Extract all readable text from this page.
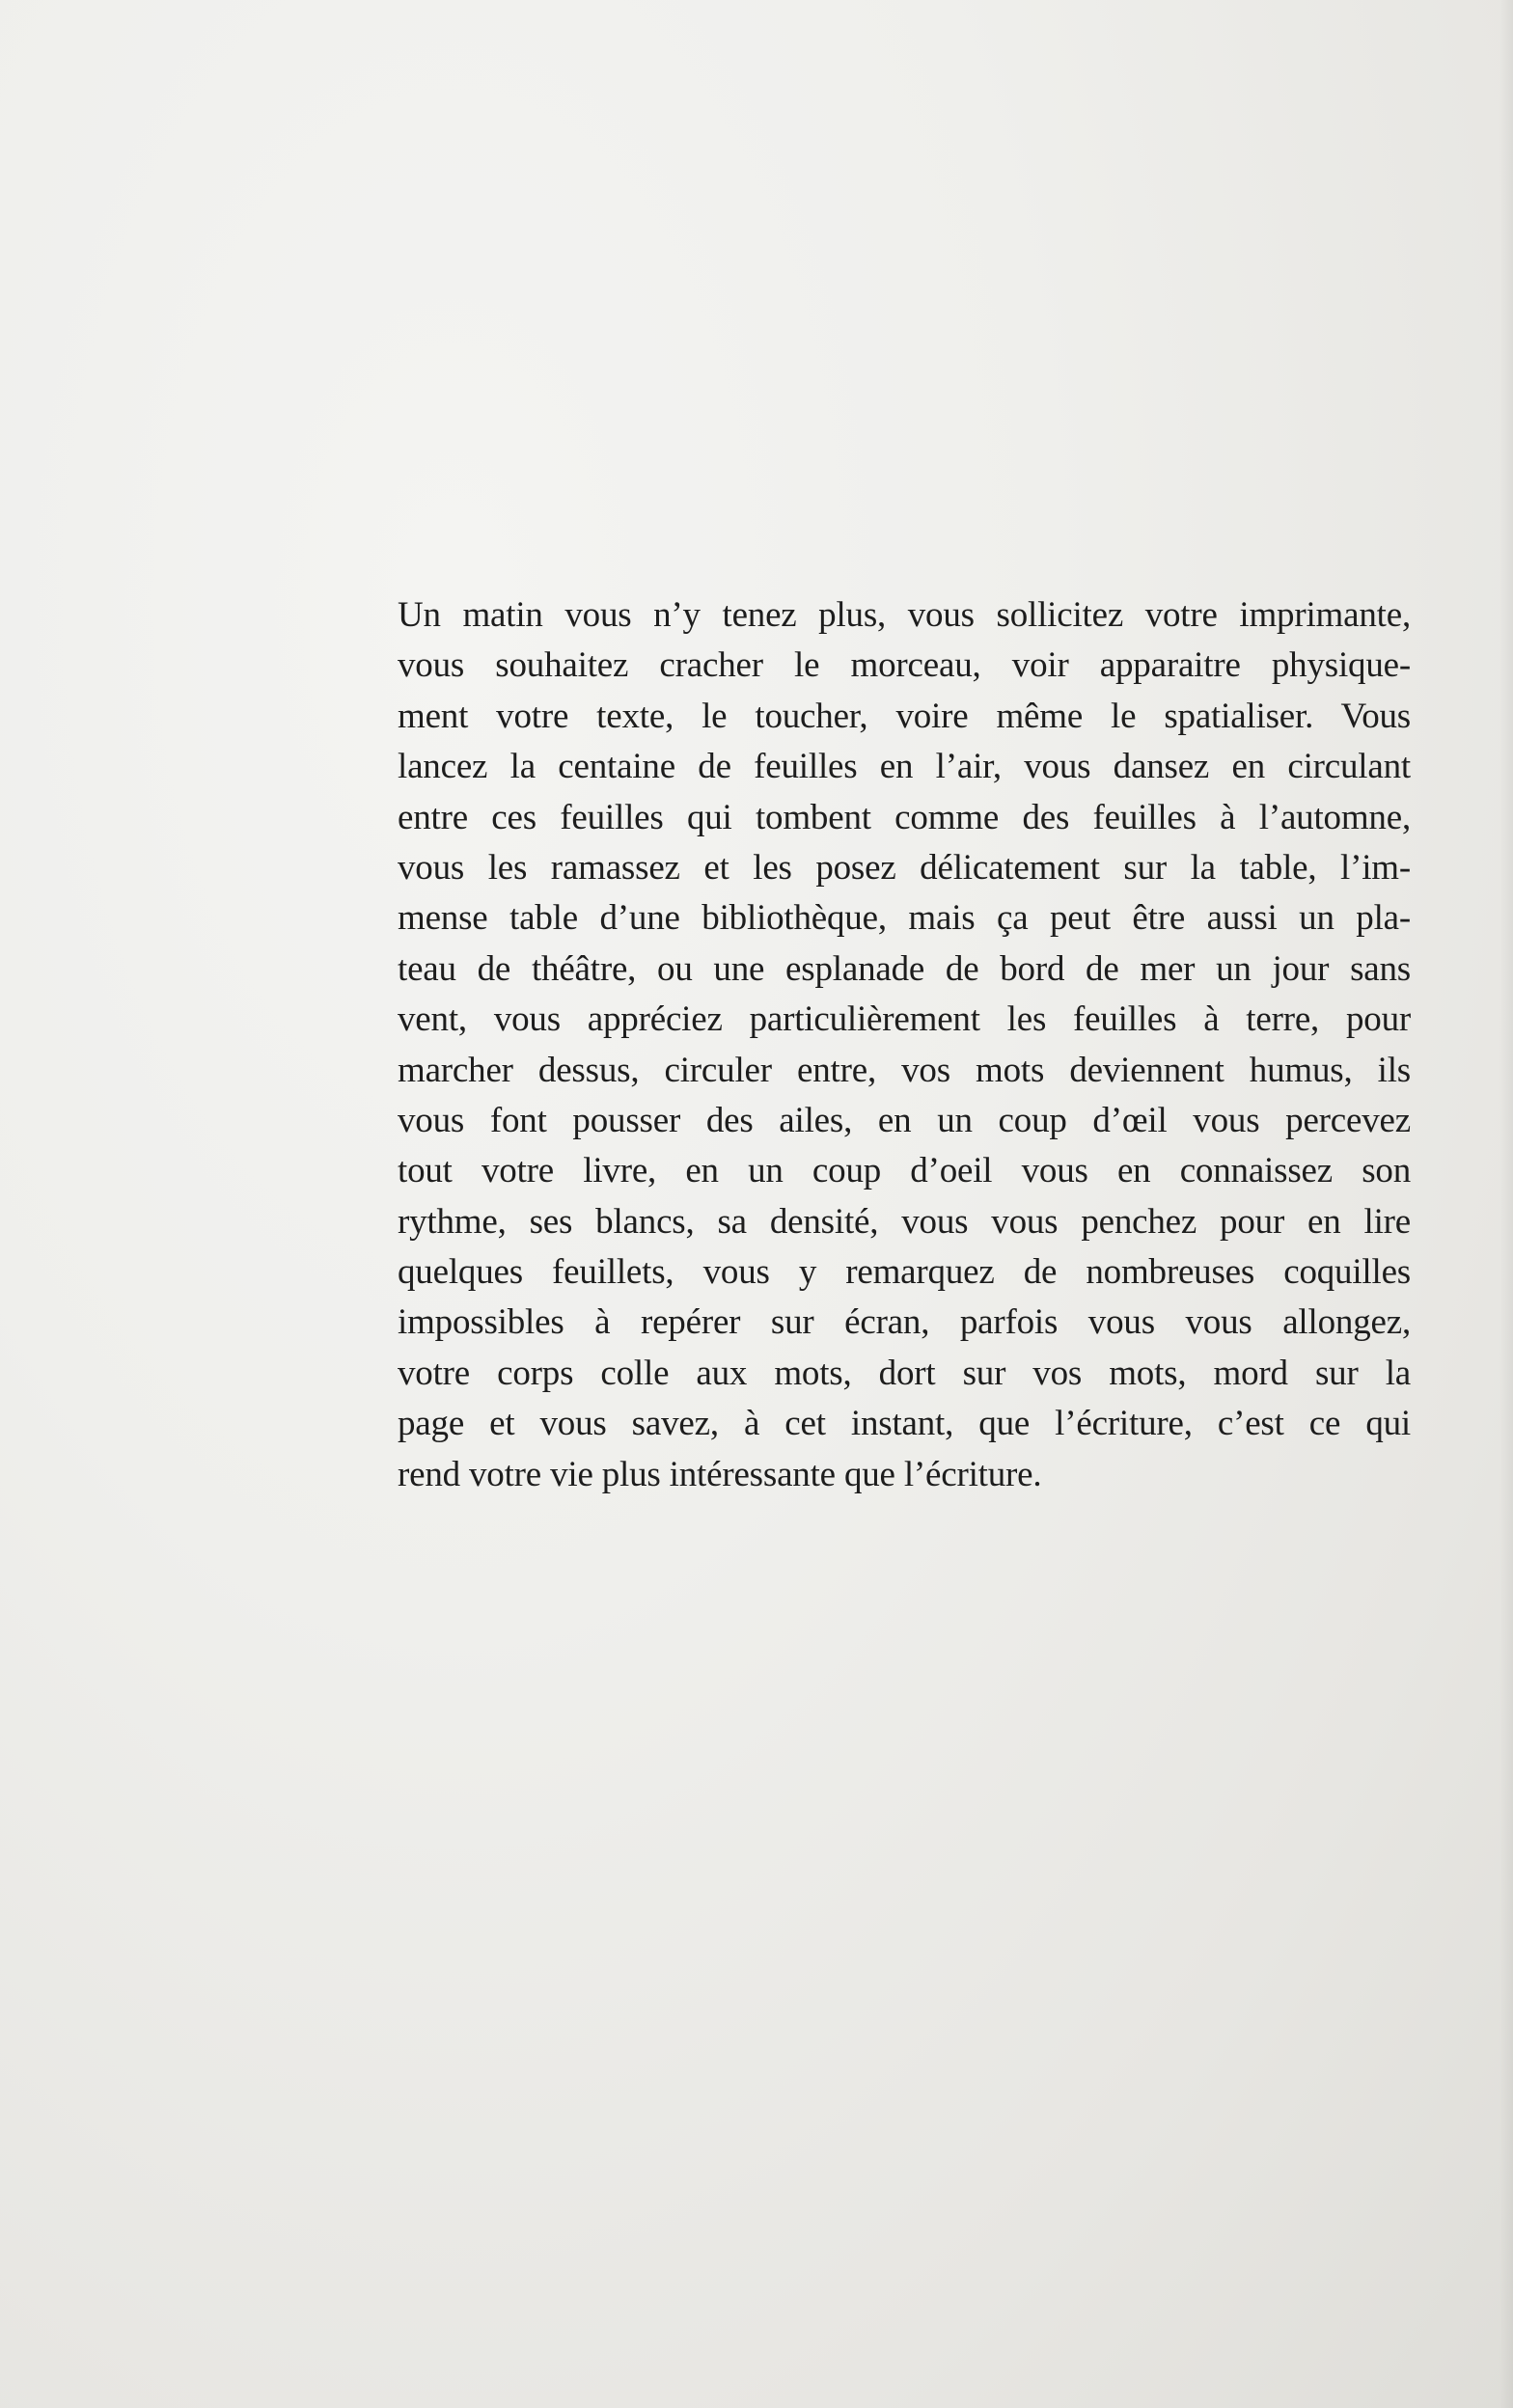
Un matin vous n’y tenez plus, vous sollicitez votre imprimante,
vous souhaitez cracher le morceau, voir apparaitre physique-
ment votre texte, le toucher, voire même le spatialiser. Vous
lancez la centaine de feuilles en l’air, vous dansez en circulant
entre ces feuilles qui tombent comme des feuilles à l’automne,
vous les ramassez et les posez délicatement sur la table, l’im-
mense table d’une bibliothèque, mais ça peut être aussi un pla-
teau de théâtre, ou une esplanade de bord de mer un jour sans
vent, vous appréciez particulièrement les feuilles à terre, pour
marcher dessus, circuler entre, vos mots deviennent humus, ils
vous font pousser des ailes, en un coup d’œil vous percevez
tout votre livre, en un coup d’oeil vous en connaissez son
rythme, ses blancs, sa densité, vous vous penchez pour en lire
quelques feuillets, vous y remarquez de nombreuses coquilles
impossibles à repérer sur écran, parfois vous vous allongez,
votre corps colle aux mots, dort sur vos mots, mord sur la
page et vous savez, à cet instant, que l’écriture, c’est ce qui
rend votre vie plus intéressante que l’écriture.
